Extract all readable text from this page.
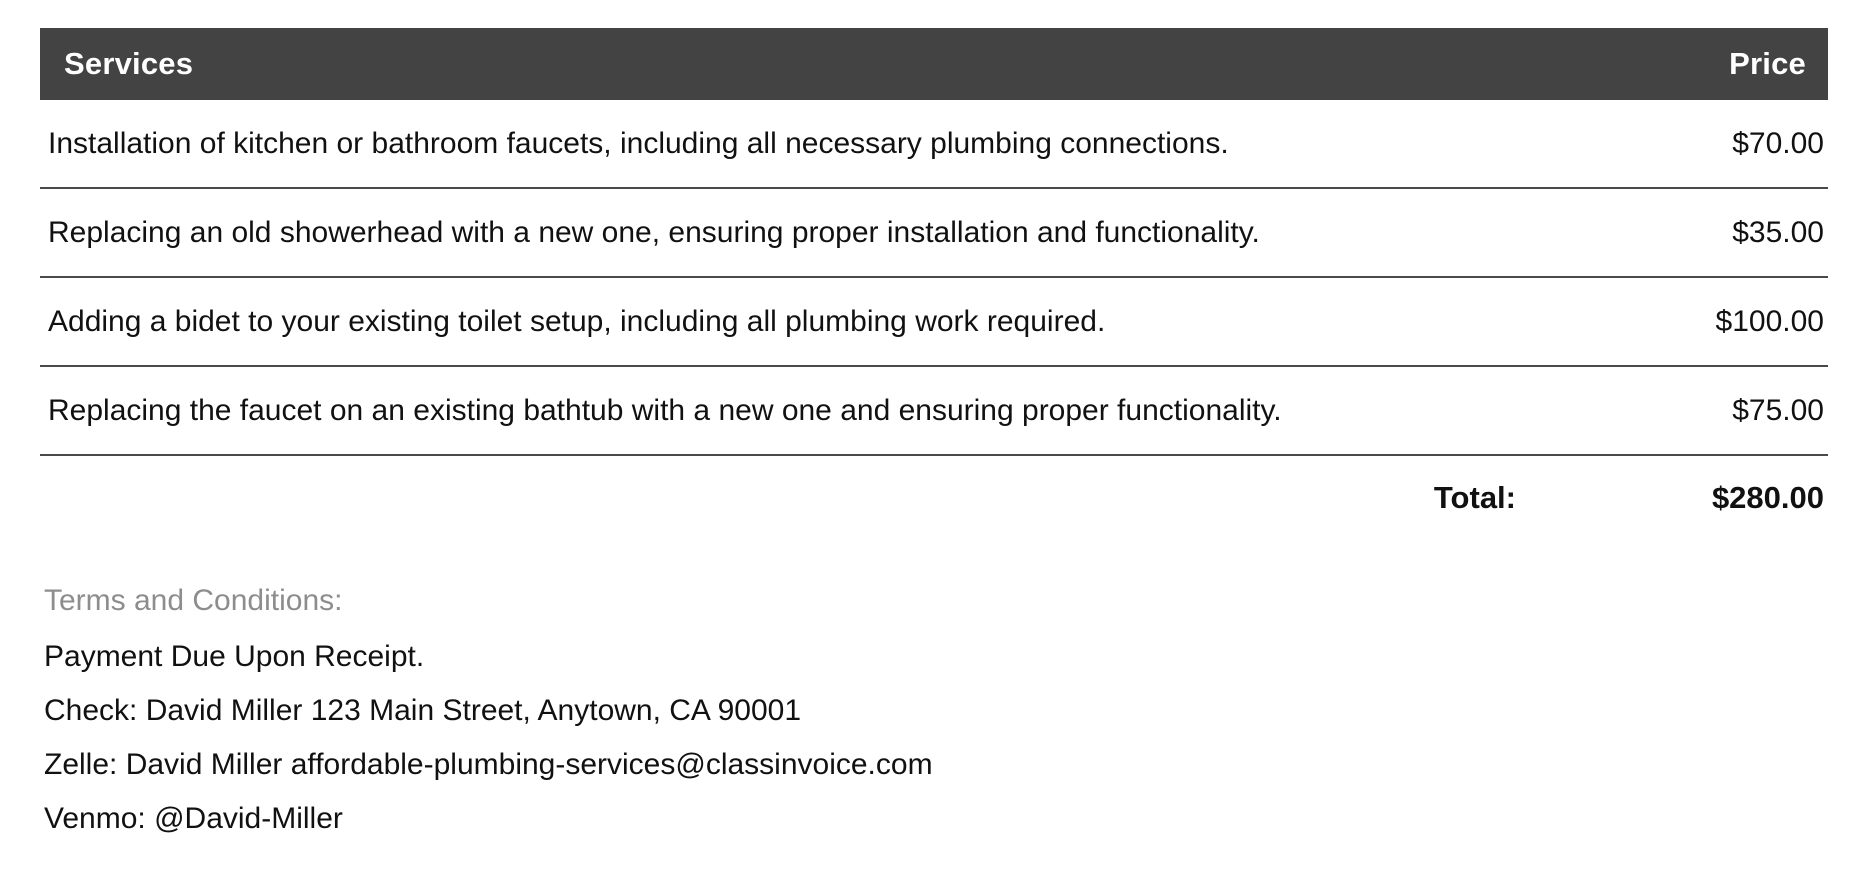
Services	Price
Installation of kitchen or bathroom faucets, including all necessary plumbing connections.	$70.00
Replacing an old showerhead with a new one, ensuring proper installation and functionality.	$35.00
Adding a bidet to your existing toilet setup, including all plumbing work required.	$100.00
Replacing the faucet on an existing bathtub with a new one and ensuring proper functionality.	$75.00
Total:	$280.00
Terms and Conditions:
Payment Due Upon Receipt.
Check: David Miller 123 Main Street, Anytown, CA 90001
Zelle: David Miller affordable-plumbing-services@classinvoice.com
Venmo: @David-Miller
